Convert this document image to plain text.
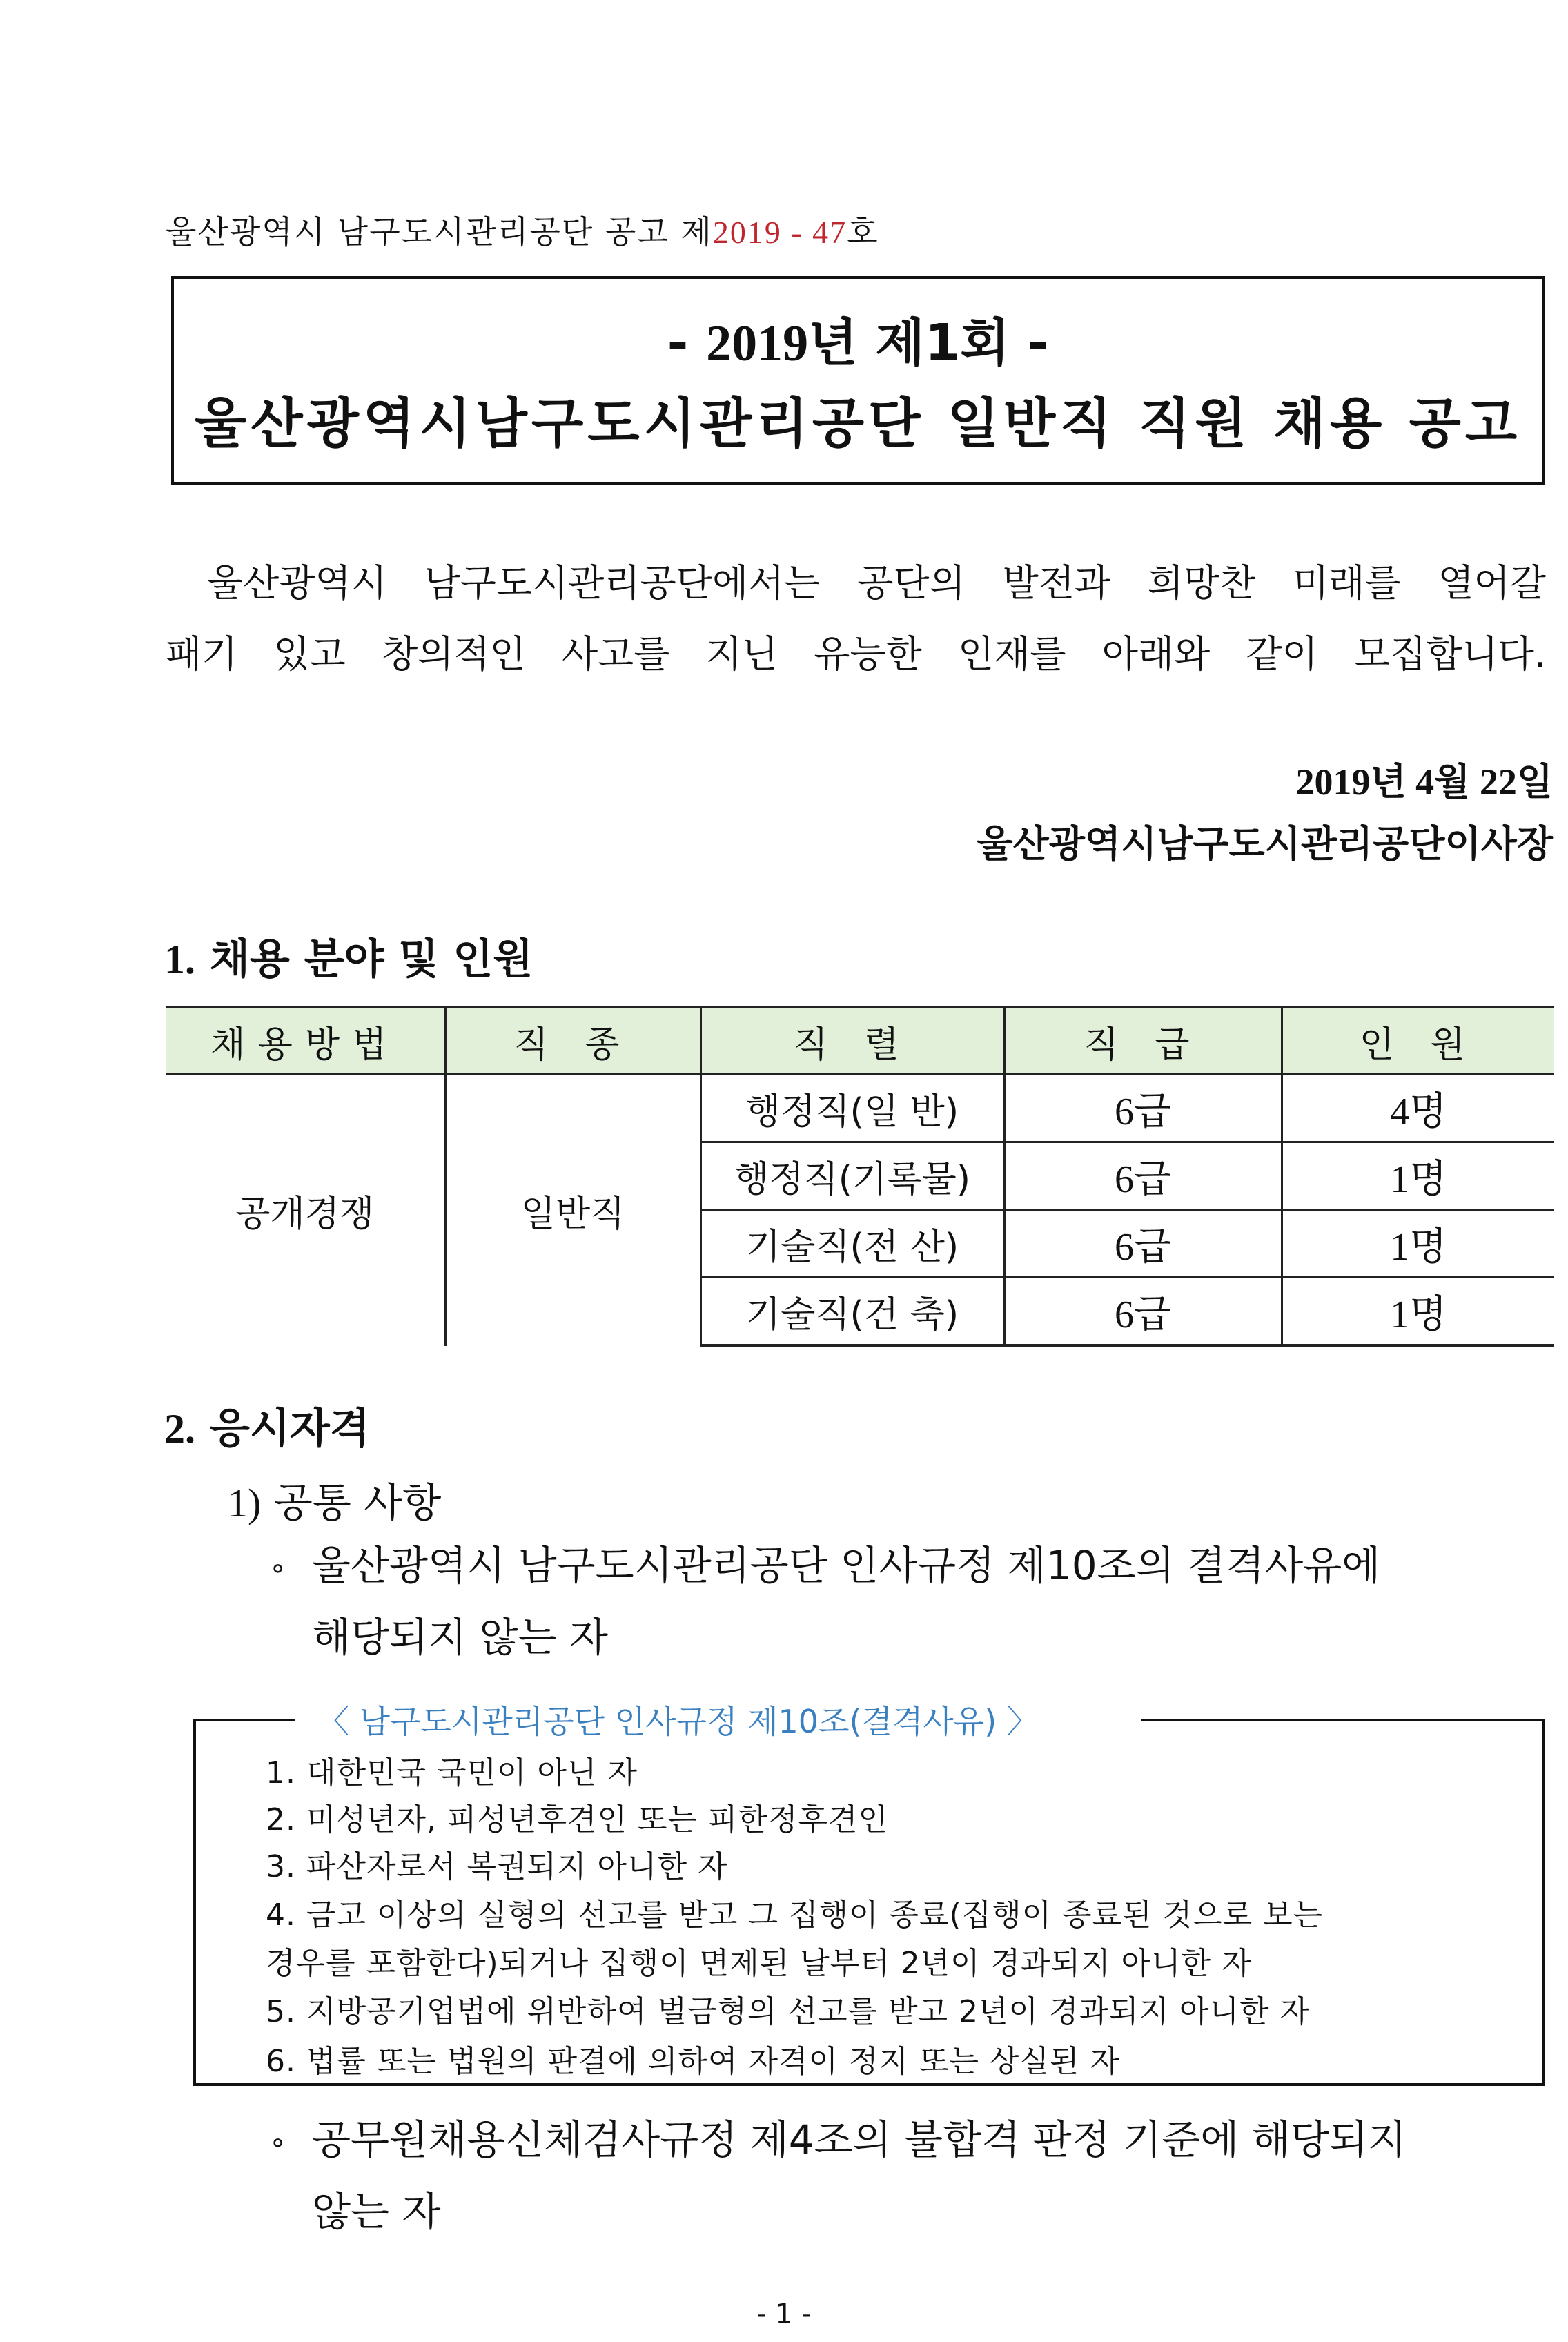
울산광역시 남구도시관리공단 공고 제2019 - 47호
- 2019년 제1회 -
울산광역시남구도시관리공단 일반직 직원 채용 공고
울산광역시 남구도시관리공단에서는 공단의 발전과 희망찬 미래를 열어갈
패기 있고 창의적인 사고를 지닌 유능한 인재를 아래와 같이 모집합니다.
2019년 4월 22일
울산광역시남구도시관리공단이사장
1. 채용 분야 및 인원
채용방법	직 종	직 렬	직 급	인 원
공개경쟁	일반직	행정직(일 반)	6급	4명
		행정직(기록물)	6급	1명
		기술직(전 산)	6급	1명
		기술직(건 축)	6급	1명
2. 응시자격
1) 공통 사항
∘ 울산광역시 남구도시관리공단 인사규정 제10조의 결격사유에
해당되지 않는 자
〈 남구도시관리공단 인사규정 제10조(결격사유) 〉
1. 대한민국 국민이 아닌 자
2. 미성년자, 피성년후견인 또는 피한정후견인
3. 파산자로서 복권되지 아니한 자
4. 금고 이상의 실형의 선고를 받고 그 집행이 종료(집행이 종료된 것으로 보는
경우를 포함한다)되거나 집행이 면제된 날부터 2년이 경과되지 아니한 자
5. 지방공기업법에 위반하여 벌금형의 선고를 받고 2년이 경과되지 아니한 자
6. 법률 또는 법원의 판결에 의하여 자격이 정지 또는 상실된 자
∘ 공무원채용신체검사규정 제4조의 불합격 판정 기준에 해당되지
않는 자
- 1 -
